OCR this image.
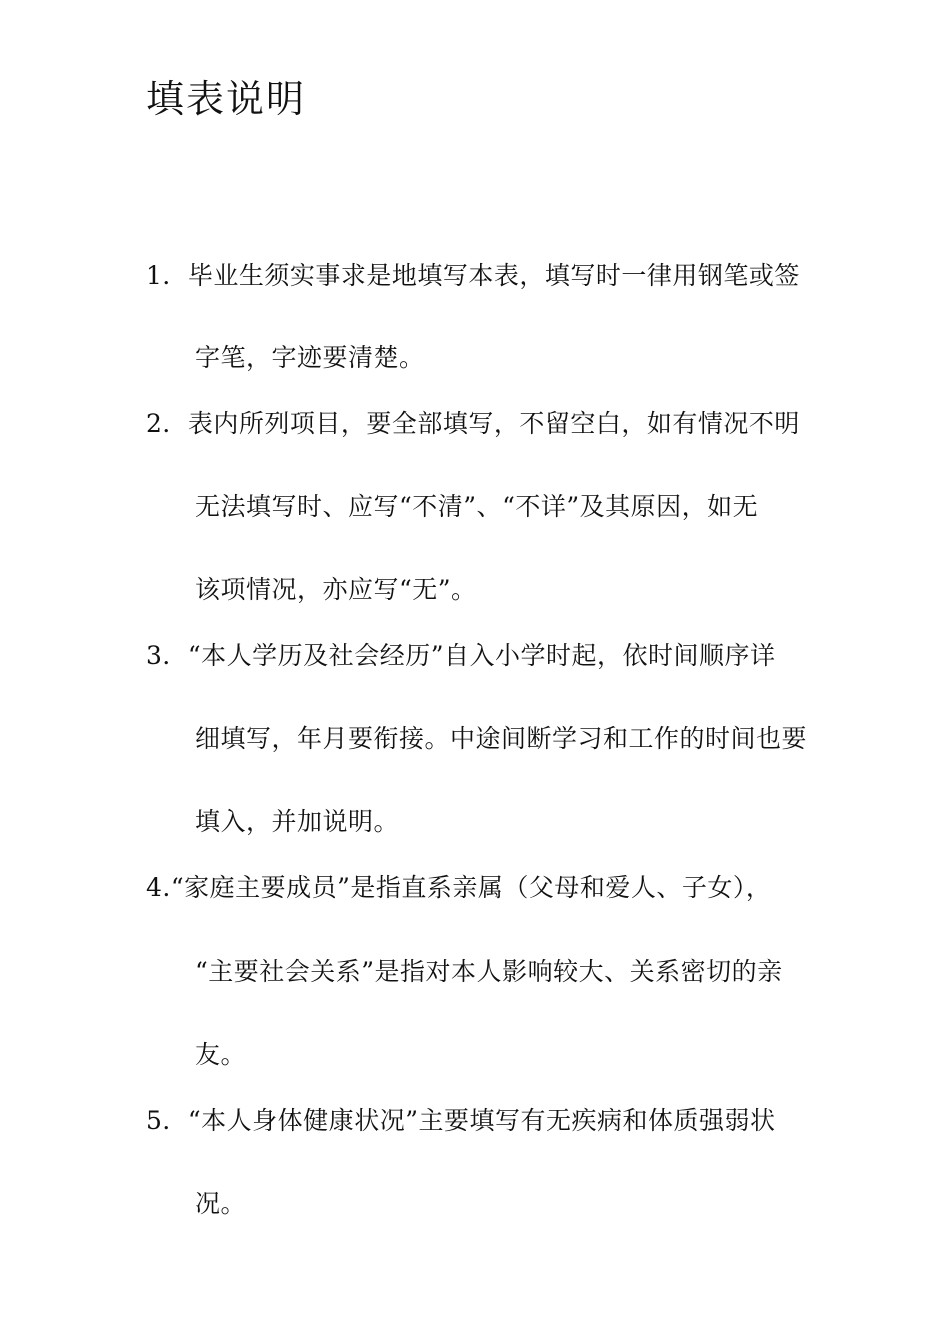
填表说明
1．毕业生须实事求是地填写本表，填写时一律用钢笔或签
字笔，字迹要清楚。
2．表内所列项目，要全部填写，不留空白，如有情况不明
无法填写时、应写“不清”、“不详”及其原因，如无
该项情况，亦应写“无”。
3．“本人学历及社会经历”自入小学时起，依时间顺序详
细填写，年月要衔接。中途间断学习和工作的时间也要
填入，并加说明。
4.“家庭主要成员”是指直系亲属（父母和爱人、子女），
“主要社会关系”是指对本人影响较大、关系密切的亲
友。
5．“本人身体健康状况”主要填写有无疾病和体质强弱状
况。
